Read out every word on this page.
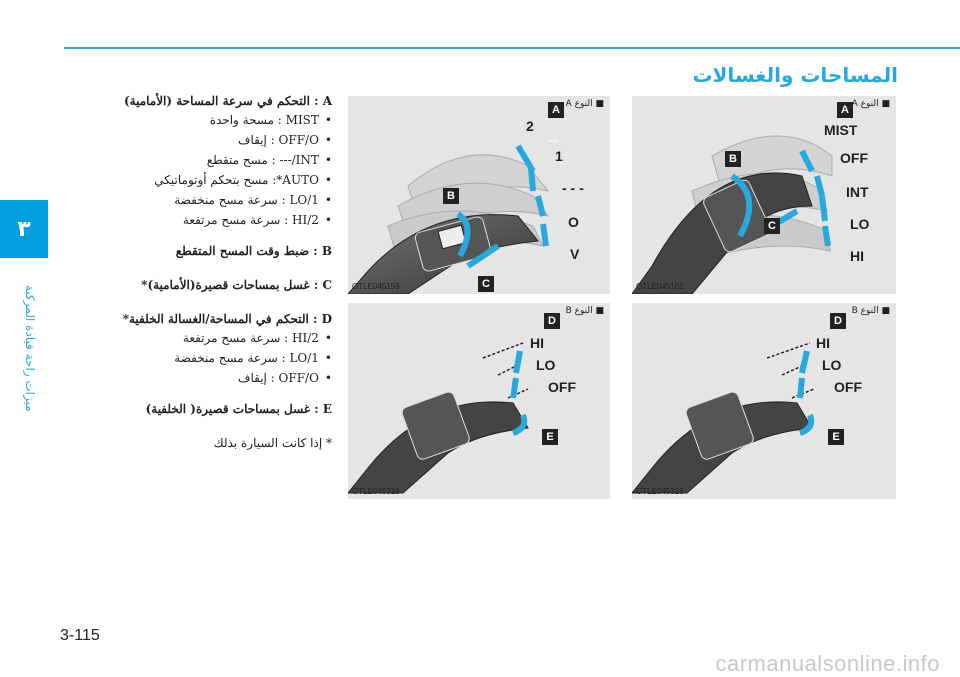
المساحات والغسالات
٣
ميزات راحة قيادة المركبة

A : التحكم في سرعة المساحة (الأمامية)

• MIST : مسحة واحدة
• OFF/O : إيقاف
• INT/--- : مسح متقطع
• AUTO*: مسح بتحكم أوتوماتيكي
• LO/1 : سرعة مسح منخفضة
• HI/2 : سرعة مسح مرتفعة

B : ضبط وقت المسح المتقطع

C : غسل بمساحات قصيرة(الأمامية)*

D : التحكم في المساحة/الغسالة الخلفية*

• HI/2 : سرعة مسح مرتفعة
• LO/1 : سرعة مسح منخفضة
• OFF/O : إيقاف

E : غسل بمساحات قصيرة( الخلفية)

* إذا كانت السيارة بذلك

2
1
- - -
O
V
A
B
C
■ النوع A
OTLE045159
MIST
OFF
INT
LO
HI
A
B
C
■ النوع A
OTLE045161
HI
LO
OFF
D
E
■ النوع B
OTLE045318
HI
LO
OFF
D
E
■ النوع B
OTLE045318
3-115
carmanualsonline.info
